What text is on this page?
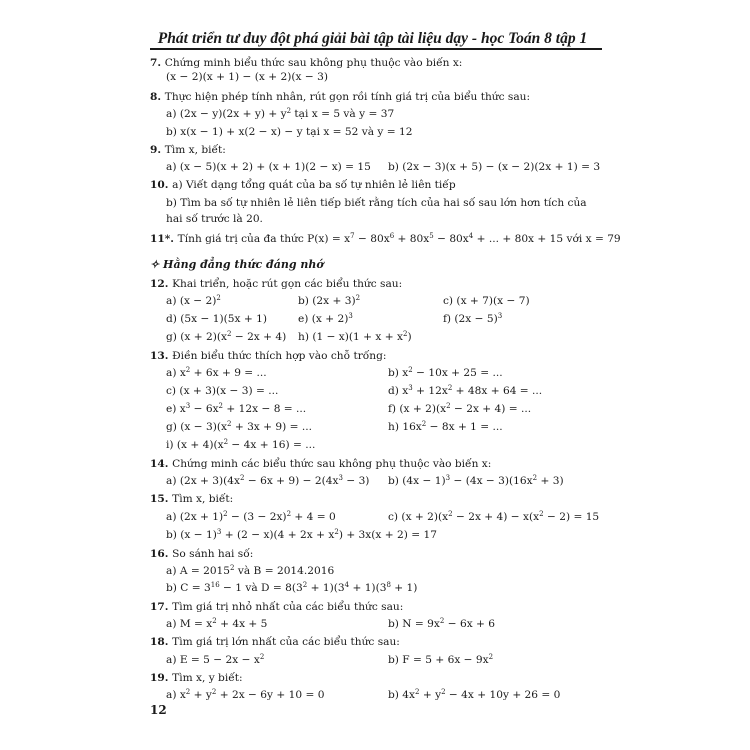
Phát triển tư duy đột phá giải bài tập tài liệu dạy - học Toán 8 tập 1
✧ Hằng đẳng thức đáng nhớ
7. Chứng minh biểu thức sau không phụ thuộc vào biến x:
(x − 2)(x + 1) − (x + 2)(x − 3)
8. Thực hiện phép tính nhân, rút gọn rồi tính giá trị của biểu thức sau:
a) $(2x - y)(2x + y) + y^2$ tại x = 5 và y = 37
b) x(x − 1) + x(2 − x) − y tại x = 52 và y = 12
9. Tìm x, biết:
a) (x − 5)(x + 2) + (x + 1)(2 − x) = 15 b) (2x − 3)(x + 5) − (x − 2)(2x + 1) = 3
10. a) Viết dạng tổng quát của ba số tự nhiên lẻ liên tiếp
b) Tìm ba số tự nhiên lẻ liên tiếp biết rằng tích của hai số sau lớn hơn tích của
hai số trước là 20.
11*. Tính giá trị của đa thức $P(x) = x^7 - 80x^6 + 80x^5 - 80x^4$ + ... + 80x + 15 với x = 79
12. Khai triển, hoặc rút gọn các biểu thức sau:
a) $(x - 2)^2$	b) $(2x + 3)^2$	c) (x + 7)(x − 7)
d) (5x − 1)(5x + 1)	e) $(x + 2)^3$	f) $(2x - 5)^3$
g) $(x + 2)(x^2 - 2x + 4)$ h) $(1 - x)(1 + x + x^2)$
13. Điền biểu thức thích hợp vào chỗ trống:
a) $x^2 + 6x + 9$ = ...	b) $x^2 - 10x + 25$ = ...
c) (x + 3)(x − 3) = ...	d) $x^3 + 12x^2 + 48x + 64$ = ...
e) $x^3 - 6x^2 + 12x - 8$ = ...	f) $(x + 2)(x^2 - 2x + 4)$ = ...
g) $(x - 3)(x^2 + 3x + 9)$ = ...	h) $16x^2 - 8x + 1$ = ...
i) $(x + 4)(x^2 - 4x + 16)$ = ...
14. Chứng minh các biểu thức sau không phụ thuộc vào biến x:
a) $(2x + 3)(4x^2 - 6x + 9) - 2(4x^3 - 3)$ b) $(4x - 1)^3 - (4x - 3)(16x^2 + 3)$
15. Tìm x, biết:
a) $(2x + 1)^2 - (3 - 2x)^2 + 4 = 0$	c) $(x + 2)(x^2 - 2x + 4) - x(x^2 - 2) = 15$
b) $(x - 1)^3 + (2 - x)(4 + 2x + x^2) + 3x(x + 2) = 17$
16. So sánh hai số:
a) $A = 2015^2$ và B = 2014.2016
b) $C = 3^{16} - 1$ và $D = 8(3^2 + 1)(3^4 + 1)(3^8 + 1)$
17. Tìm giá trị nhỏ nhất của các biểu thức sau:
a) $M = x^2 + 4x + 5$	b) $N = 9x^2 - 6x + 6$
18. Tìm giá trị lớn nhất của các biểu thức sau:
a) $E = 5 - 2x - x^2$	b) $F = 5 + 6x - 9x^2$
19. Tìm x, y biết:
a) $x^2 + y^2 + 2x - 6y + 10 = 0$	b) $4x^2 + y^2 - 4x + 10y + 26 = 0$
12
